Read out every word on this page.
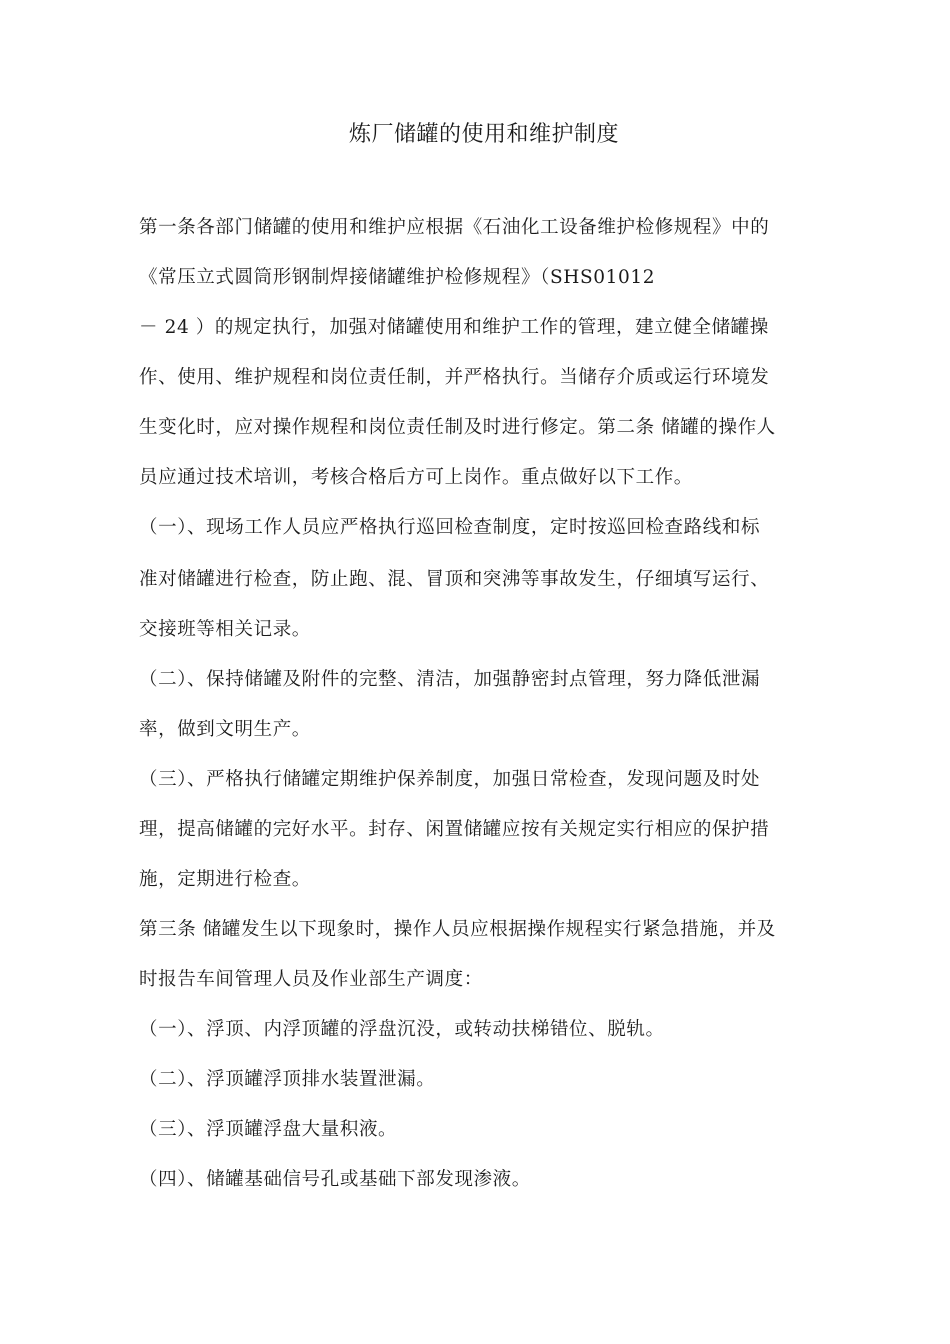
炼厂储罐的使用和维护制度
第一条各部门储罐的使用和维护应根据《石油化工设备维护检修规程》中的
《常压立式圆筒形钢制焊接储罐维护检修规程》（SHS01012
－ 24 ）的规定执行，加强对储罐使用和维护工作的管理，建立健全储罐操
作、使用、维护规程和岗位责任制，并严格执行。当储存介质或运行环境发
生变化时，应对操作规程和岗位责任制及时进行修定。第二条 储罐的操作人
员应通过技术培训，考核合格后方可上岗作。重点做好以下工作。
（一）、现场工作人员应严格执行巡回检查制度，定时按巡回检查路线和标
准对储罐进行检查，防止跑、混、冒顶和突沸等事故发生，仔细填写运行、
交接班等相关记录。
（二）、保持储罐及附件的完整、清洁，加强静密封点管理，努力降低泄漏
率，做到文明生产。
（三）、严格执行储罐定期维护保养制度，加强日常检查，发现问题及时处
理，提高储罐的完好水平。封存、闲置储罐应按有关规定实行相应的保护措
施，定期进行检查。
第三条 储罐发生以下现象时，操作人员应根据操作规程实行紧急措施，并及
时报告车间管理人员及作业部生产调度：
（一）、浮顶、内浮顶罐的浮盘沉没，或转动扶梯错位、脱轨。
（二）、浮顶罐浮顶排水装置泄漏。
（三）、浮顶罐浮盘大量积液。
（四）、储罐基础信号孔或基础下部发现渗液。
